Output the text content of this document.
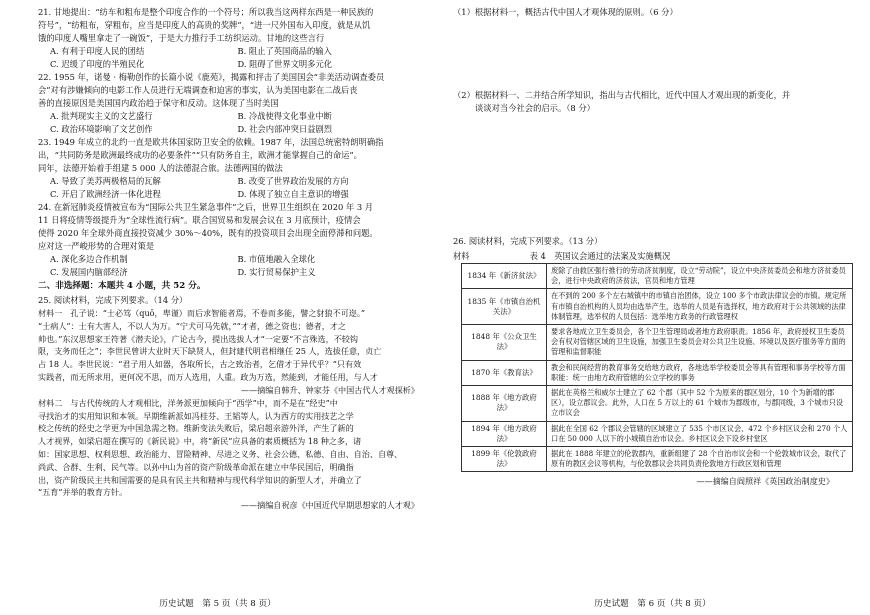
21. 甘地提出：“纺车和粗布是整个印度合作的一个符号；所以我当这两样东西是一种民族的
符号”，“纺粗布，穿粗布，应当是印度人的高贵的奖牌”，“进一尺外国布入印度，就是从饥
饿的印度人嘴里拿走了一碗饭”，于是大力推行手工纺织运动。甘地的这些言行
A. 有利于印度人民的团结	B. 阻止了英国商品的输入
C. 迟缓了印度的半殖民化	D. 阻碍了世界文明多元化
22. 1955 年，诺曼 · 梅勒创作的长篇小说《鹿苑》，揭露和抨击了美国国会“非美活动调查委员
会”对有涉嫌倾向的电影工作人员进行无端调查和迫害的事实，认为美国电影在二战后丧
善的直接原因是美国国内政治趋于保守和反动。这体现了当时美国
A. 批判现实主义的文艺盛行	B. 冷战使得文化事业中断
C. 政治环境影响了文艺创作	D. 社会内部冲突日益剧烈
23. 1949 年成立的北约一直是欧共体国家防卫安全的依赖。1987 年，法国总统密特朗明确指
出，“共同防务是欧洲最终成功的必要条件”“只有防务自主，欧洲才能掌握自己的命运”。
同年，法德开始着手组建 5 000 人的法德混合旅。法德两国的做法
A. 导致了美苏两极格局的瓦解	B. 改变了世界政治发展的方向
C. 开启了欧洲经济一体化进程	D. 体现了独立自主意识的增强
24. 在新冠肺炎疫情被宣布为“国际公共卫生紧急事件”之后，世界卫生组织在 2020 年 3 月
11 日将疫情等级提升为“全球性流行病”。联合国贸易和发展会议在 3 月底预计，疫情会
使得 2020 年全球外商直接投资减少 30%～40%，既有的投资项目会出现全面停滞和问题。
应对这一严峻形势的合理对策是
A. 深化多边合作机制	B. 市值地融入全球化
C. 发展国内脑部经济	D. 实行贸易保护主义
二、非选择题：本题共 4 小题，共 52 分。
25. 阅读材料，完成下列要求。（14 分）
材料一　孔子说：“士必笃（quō，卑谨）而后求智能者焉，不卷而多能，譬之豺狼不可迩。”
“士病人”：士有大害人，不以人为万。“宁犬可马先就，”“才者，德之资也；德者，才之
帅也。”东汉思想家王符著《潜夫论》，广论古今，提出选拔人才“一定要“不言殊选，不较钩
限，支务而任之”；李世民曾讲大业时天下缺贤人，但封建代明君相继任 25 人，选拔任意，贞亡
占 18 人。李世民说：“君子用人如器，各取所长，古之致治者，乞借才于异代乎？”只有效
实践者，而无所求用，更何况不思，而万人选用，人重。政为万选，然能到，才能任用，与人才
——摘编自韩升、钟家芬《中国古代人才观探析》
材料二　与古代传统的人才观相比，洋务派更加倾向于“西学”中，而不是在“经史”中
寻找治才的实用知识和本领。早期维新派如冯桂芬、王韬等人，认为西方的实用技艺之学
校之传统的经史之学更为中国急需之物。维新变法失败后，梁启超亲游外洋，产生了新的
人才视界，如梁启超在撰写的《新民说》中，将“新民”应具备的素质概括为 18 种之多，诸
如：国家思想、权利思想、政治能力、冒险精神、尽进之义务、社会公德、私德、自由、自治、自尊、
尚武、合群、生利、民气等。以孙中山为首的资产阶级革命派在建立中华民国后，明确指
出，资产阶级民主共和国需要的是具有民主共和精神与现代科学知识的新型人才，并确立了
“五育”并举的教育方针。
——摘编自祝彦《中国近代早期思想家的人才观》
历史试题　第 5 页（共 8 页）
（1）根据材料一，概括古代中国人才观体现的原则。（6 分）
（2）根据材料一、二并结合所学知识，指出与古代相比，近代中国人才观出现的新变化，并
谈谈对当今社会的启示。（8 分）
26. 阅读材料，完成下列要求。（13 分）
材料	表 4　英国议会通过的法案及实施概况
1834 年《新济贫法》	废除了由救区强行推行的劳动济贫制度，设立“劳动院”，设立中央济贫委员会和地方济贫委员会，进行中央政府的济贫法，官员和地方管理
1835 年《市镇自治机关法》	在不到的 200 多个左右城镇中的市镇自治团体，设立 100 多个市政法律议会的市镇。规定所有市镇自治机构的人员均由选举产生，选举的人员是有选择权，地方政府对于公共领域的法律体制管理，选举权的人员包括：选举地方政务的行政管理权
1848 年《公众卫生法》	要求各地成立卫生委员会，各个卫生管理局或者地方政府职责。1856 年，政府授权卫生委员会有权对管辖区域的卫生设施，加强卫生委员会对公共卫生设施、环境以及医疗服务等方面的管理和监督职能
1870 年《教育法》	教会和民间经营的教育事务交给地方政府，各地选举学校委员会等具有管理和事务学校等方面职能：统一由地方政府管辖的公立学校的事务
1888 年《地方政府法》	据此在英格兰和威尔士建立了 62 个郡（其中 52 个为原来的郡区划分，10 个为新增的郡区），设立郡议会。此外，人口在 5 万以上的 61 个城市为郡级市，与郡同级，3 个城市只设立市议会
1894 年《地方政府法》	据此在全国 62 个郡议会管辖的区域建立了 535 个市区议会、472 个乡村区议会和 270 个人口在 50 000 人以下的小城镇自治市议会。乡村区议会下设乡村堂区
1899 年《伦敦政府法》	据此在 1888 年建立的伦敦郡内，重新组建了 28 个自治市议会和一个伦敦城市议会，取代了原有的教区会议等机构，与伦敦郡议会共同负责伦敦地方行政区划和管理
——摘编自阎照祥《英国政治制度史》
历史试题　第 6 页（共 8 页）
